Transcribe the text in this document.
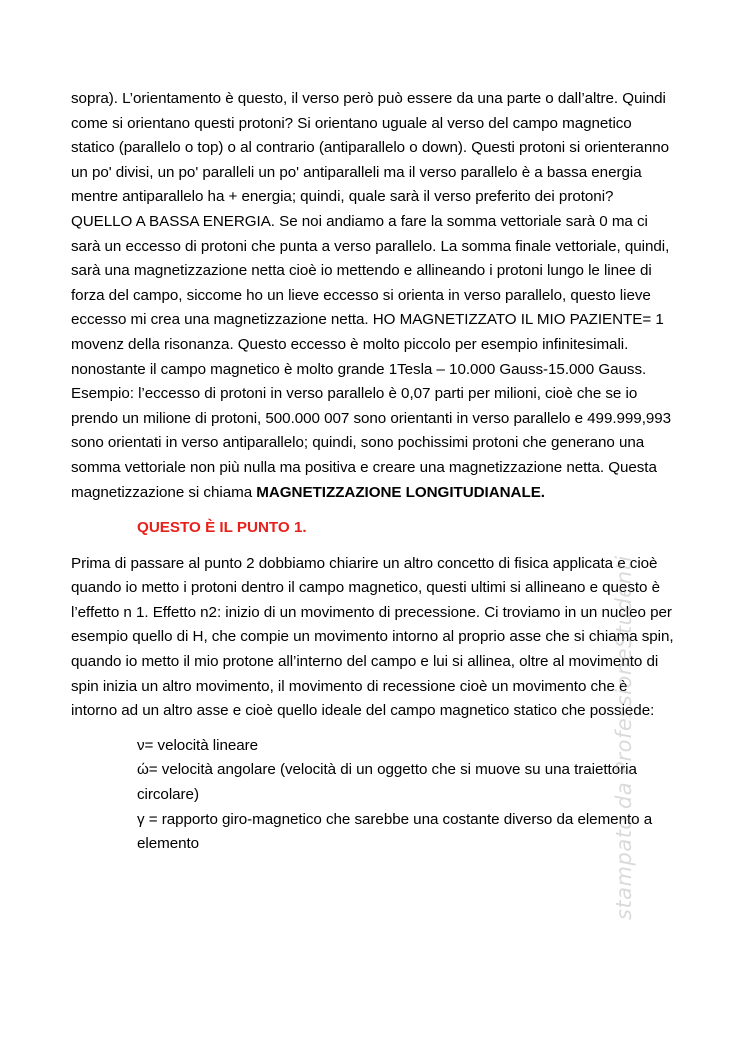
sopra). L’orientamento è questo, il verso però può essere da una parte o dall’altre. Quindi come si orientano questi protoni? Si orientano uguale al verso del campo magnetico statico (parallelo o top) o al contrario (antiparallelo o down). Questi protoni si orienteranno un po' divisi, un po' paralleli un po' antiparalleli ma il verso parallelo è a bassa energia mentre antiparallelo ha + energia; quindi, quale sarà il verso preferito dei protoni? QUELLO A BASSA ENERGIA. Se noi andiamo a fare la somma vettoriale sarà 0 ma ci sarà un eccesso di protoni che punta a verso parallelo. La somma finale vettoriale, quindi, sarà una magnetizzazione netta cioè io mettendo e allineando i protoni lungo le linee di forza del campo, siccome ho un lieve eccesso si orienta in verso parallelo, questo lieve eccesso mi crea una magnetizzazione netta. HO MAGNETIZZATO IL MIO PAZIENTE= 1 movenz della risonanza. Questo eccesso è molto piccolo per esempio infinitesimali. nonostante il campo magnetico è molto grande 1Tesla – 10.000 Gauss-15.000 Gauss. Esempio: l’eccesso di protoni in verso parallelo è 0,07 parti per milioni, cioè che se io prendo un milione di protoni, 500.000 007 sono orientanti in verso parallelo e 499.999,993 sono orientati in verso antiparallelo; quindi, sono pochissimi protoni che generano una somma vettoriale non più nulla ma positiva e creare una magnetizzazione netta. Questa magnetizzazione si chiama MAGNETIZZAZIONE LONGITUDIANALE.

QUESTO È IL PUNTO 1.

Prima di passare al punto 2 dobbiamo chiarire un altro concetto di fisica applicata e cioè quando io metto i protoni dentro il campo magnetico, questi ultimi si allineano e questo è l’effetto n 1. Effetto n2: inizio di un movimento di precessione. Ci troviamo in un nucleo per esempio quello di H, che compie un movimento intorno al proprio asse che si chiama spin, quando io metto il mio protone all’interno del campo e lui si allinea, oltre al movimento di spin inizia un altro movimento, il movimento di recessione cioè un movimento che è intorno ad un altro asse e cioè quello ideale del campo magnetico statico che possiede:

ν= velocità lineare

ώ= velocità angolare (velocità di un oggetto che si muove su una traiettoria circolare)

γ = rapporto giro-magnetico che sarebbe una costante diverso da elemento a elemento	stampato da ProfessioneStudenti
